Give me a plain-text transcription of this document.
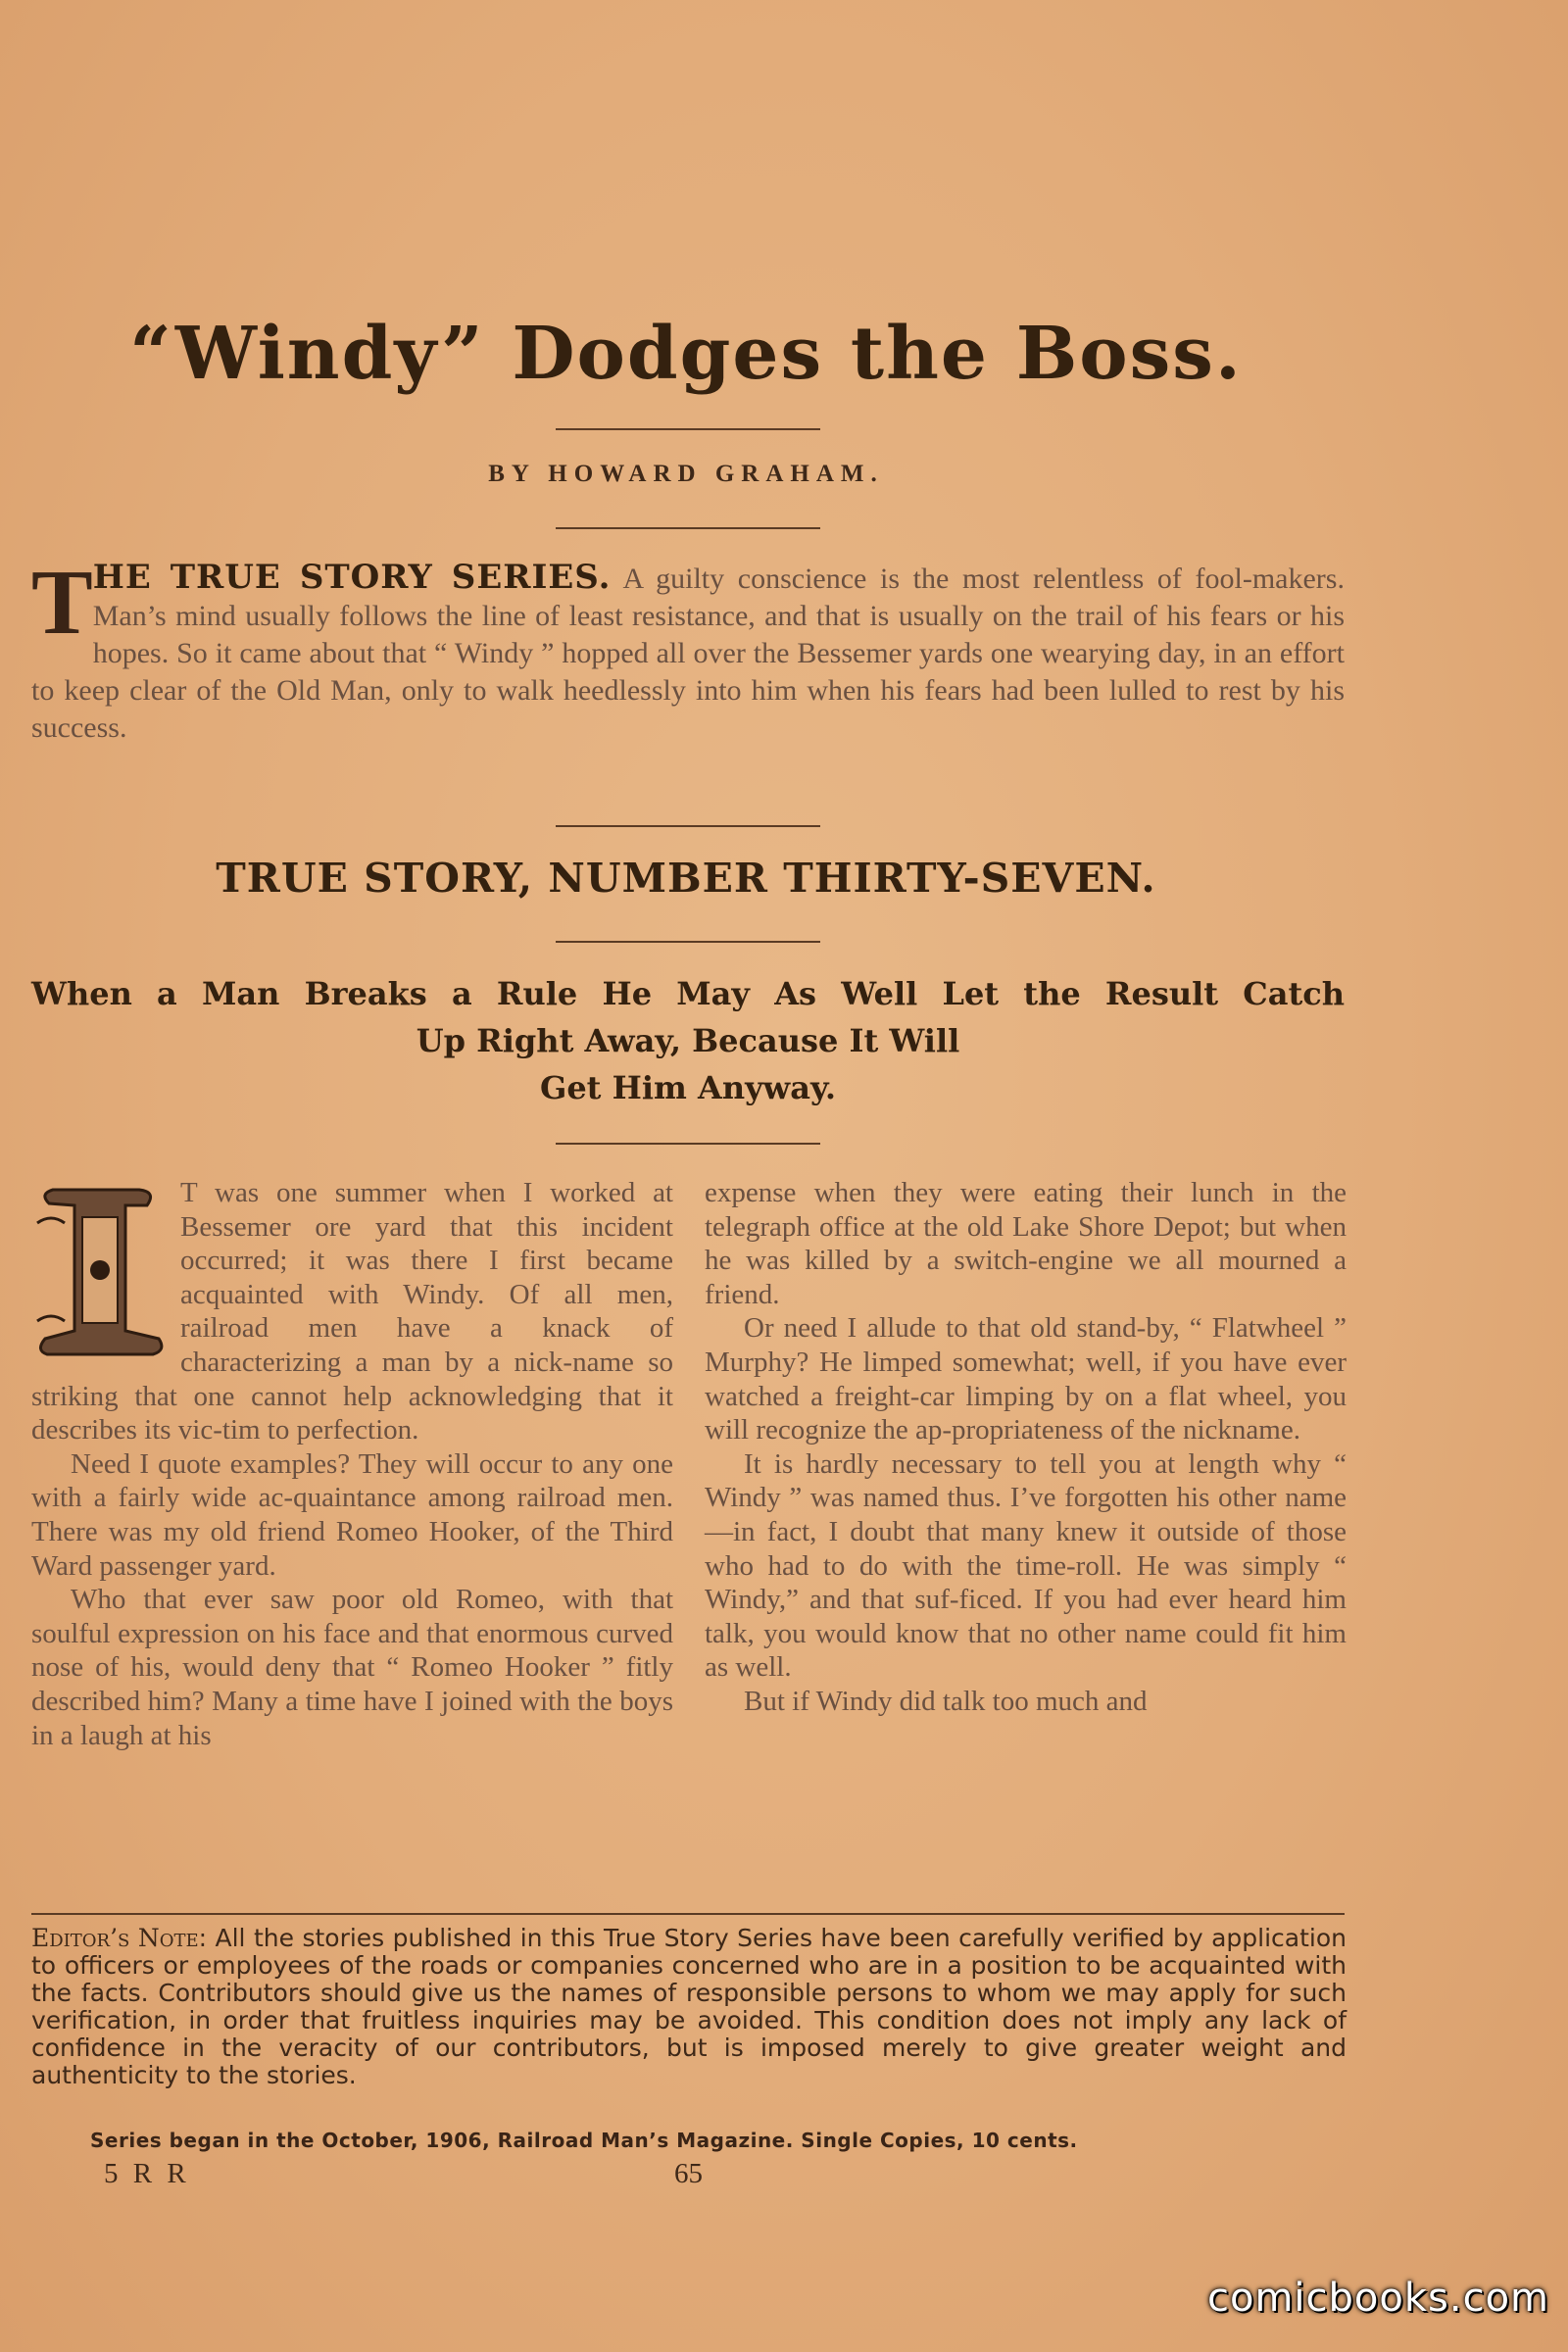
“Windy” Dodges the Boss.
BY HOWARD GRAHAM.
THE TRUE STORY SERIES. A guilty conscience is the most relentless of fool-makers. Man’s mind usually follows the line of least resistance, and that is usually on the trail of his fears or his hopes. So it came about that “ Windy ” hopped all over the Bessemer yards one wearying day, in an effort to keep clear of the Old Man, only to walk heedlessly into him when his fears had been lulled to rest by his success.
TRUE STORY, NUMBER THIRTY-SEVEN.
When a Man Breaks a Rule He May As Well Let the Result Catch
Up Right Away, Because It Will
Get Him Anyway.

T was one summer when I worked at Bessemer ore yard that this incident occurred; it was there I first became acquainted with Windy. Of all men, railroad men have a knack of characterizing a man by a nick-name so striking that one cannot help acknowledging that it describes its vic-tim to perfection.

Need I quote examples? They will occur to any one with a fairly wide ac-quaintance among railroad men. There was my old friend Romeo Hooker, of the Third Ward passenger yard.

Who that ever saw poor old Romeo, with that soulful expression on his face and that enormous curved nose of his, would deny that “ Romeo Hooker ” fitly described him? Many a time have I joined with the boys in a laugh at his

expense when they were eating their lunch in the telegraph office at the old Lake Shore Depot; but when he was killed by a switch-engine we all mourned a friend.

Or need I allude to that old stand-by, “ Flatwheel ” Murphy? He limped somewhat; well, if you have ever watched a freight-car limping by on a flat wheel, you will recognize the ap-propriateness of the nickname.

It is hardly necessary to tell you at length why “ Windy ” was named thus. I’ve forgotten his other name—in fact, I doubt that many knew it outside of those who had to do with the time-roll. He was simply “ Windy,” and that suf-ficed. If you had ever heard him talk, you would know that no other name could fit him as well.

But if Windy did talk too much and

Editor’s Note: All the stories published in this True Story Series have been carefully verified by application to officers or employees of the roads or companies concerned who are in a position to be acquainted with the facts. Contributors should give us the names of responsible persons to whom we may apply for such verification, in order that fruitless inquiries may be avoided. This condition does not imply any lack of confidence in the veracity of our contributors, but is imposed merely to give greater weight and authenticity to the stories.
Series began in the October, 1906, Railroad Man’s Magazine. Single Copies, 10 cents.
5 R R	65
comicbooks.com
